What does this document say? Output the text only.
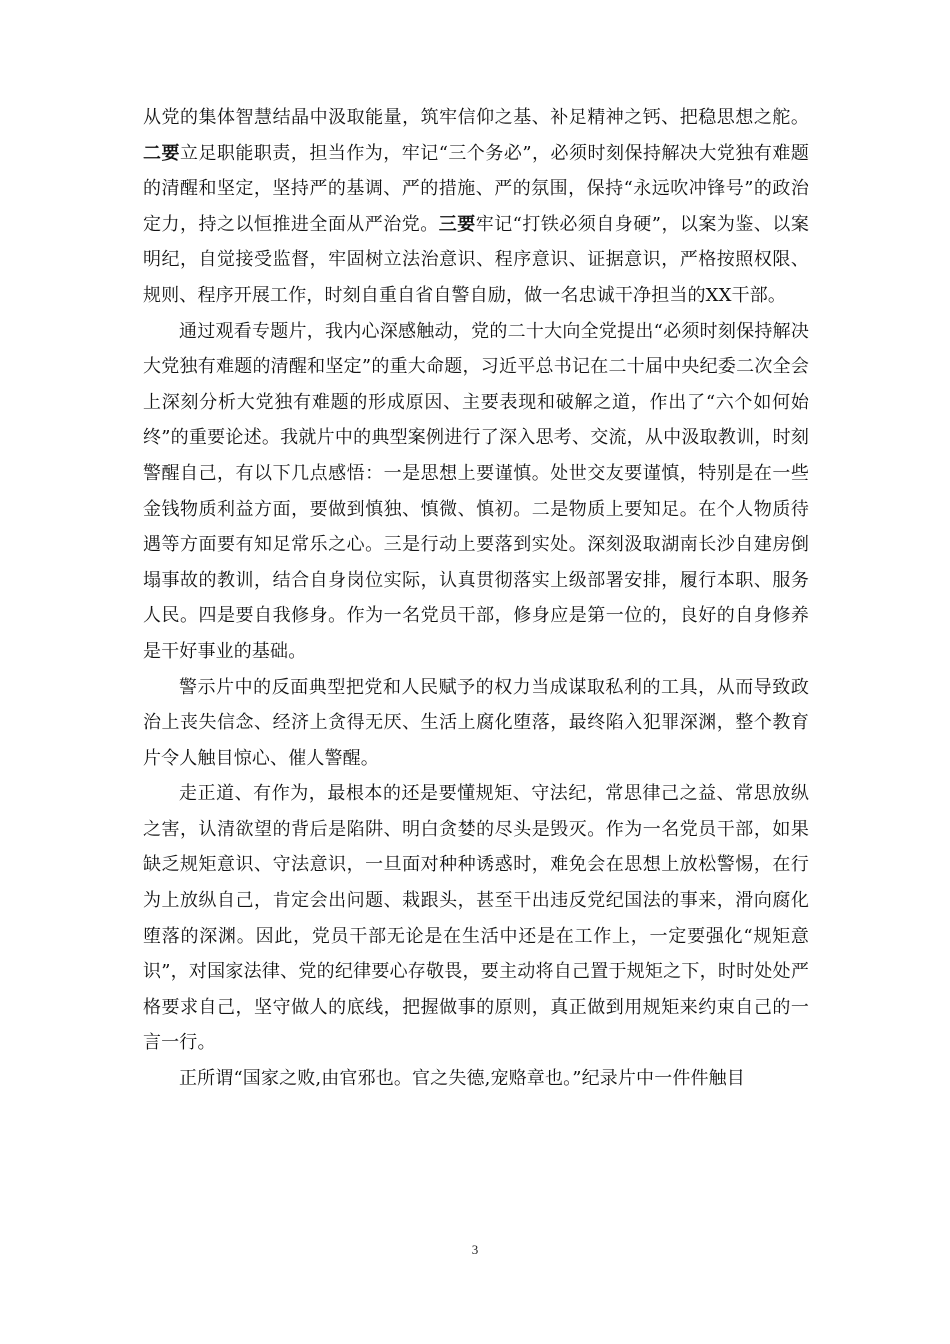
从党的集体智慧结晶中汲取能量，筑牢信仰之基、补足精神之钙、把稳思想之舵。二要立足职能职责，担当作为，牢记“三个务必”，必须时刻保持解决大党独有难题的清醒和坚定，坚持严的基调、严的措施、严的氛围，保持“永远吹冲锋号”的政治定力，持之以恒推进全面从严治党。三要牢记“打铁必须自身硬”，以案为鉴、以案明纪，自觉接受监督，牢固树立法治意识、程序意识、证据意识，严格按照权限、规则、程序开展工作，时刻自重自省自警自励，做一名忠诚干净担当的XX干部。

通过观看专题片，我内心深感触动，党的二十大向全党提出“必须时刻保持解决大党独有难题的清醒和坚定”的重大命题，习近平总书记在二十届中央纪委二次全会上深刻分析大党独有难题的形成原因、主要表现和破解之道，作出了“六个如何始终”的重要论述。我就片中的典型案例进行了深入思考、交流，从中汲取教训，时刻警醒自己，有以下几点感悟：一是思想上要谨慎。处世交友要谨慎，特别是在一些金钱物质利益方面，要做到慎独、慎微、慎初。二是物质上要知足。在个人物质待遇等方面要有知足常乐之心。三是行动上要落到实处。深刻汲取湖南长沙自建房倒塌事故的教训，结合自身岗位实际，认真贯彻落实上级部署安排，履行本职、服务人民。四是要自我修身。作为一名党员干部，修身应是第一位的，良好的自身修养是干好事业的基础。

警示片中的反面典型把党和人民赋予的权力当成谋取私利的工具，从而导致政治上丧失信念、经济上贪得无厌、生活上腐化堕落，最终陷入犯罪深渊，整个教育片令人触目惊心、催人警醒。

走正道、有作为，最根本的还是要懂规矩、守法纪，常思律己之益、常思放纵之害，认清欲望的背后是陷阱、明白贪婪的尽头是毁灭。作为一名党员干部，如果缺乏规矩意识、守法意识，一旦面对种种诱惑时，难免会在思想上放松警惕，在行为上放纵自己，肯定会出问题、栽跟头，甚至干出违反党纪国法的事来，滑向腐化堕落的深渊。因此，党员干部无论是在生活中还是在工作上，一定要强化“规矩意识”，对国家法律、党的纪律要心存敬畏，要主动将自己置于规矩之下，时时处处严格要求自己，坚守做人的底线，把握做事的原则，真正做到用规矩来约束自己的一言一行。

正所谓“国家之败,由官邪也。官之失德,宠赂章也。”纪录片中一件件触目

3
